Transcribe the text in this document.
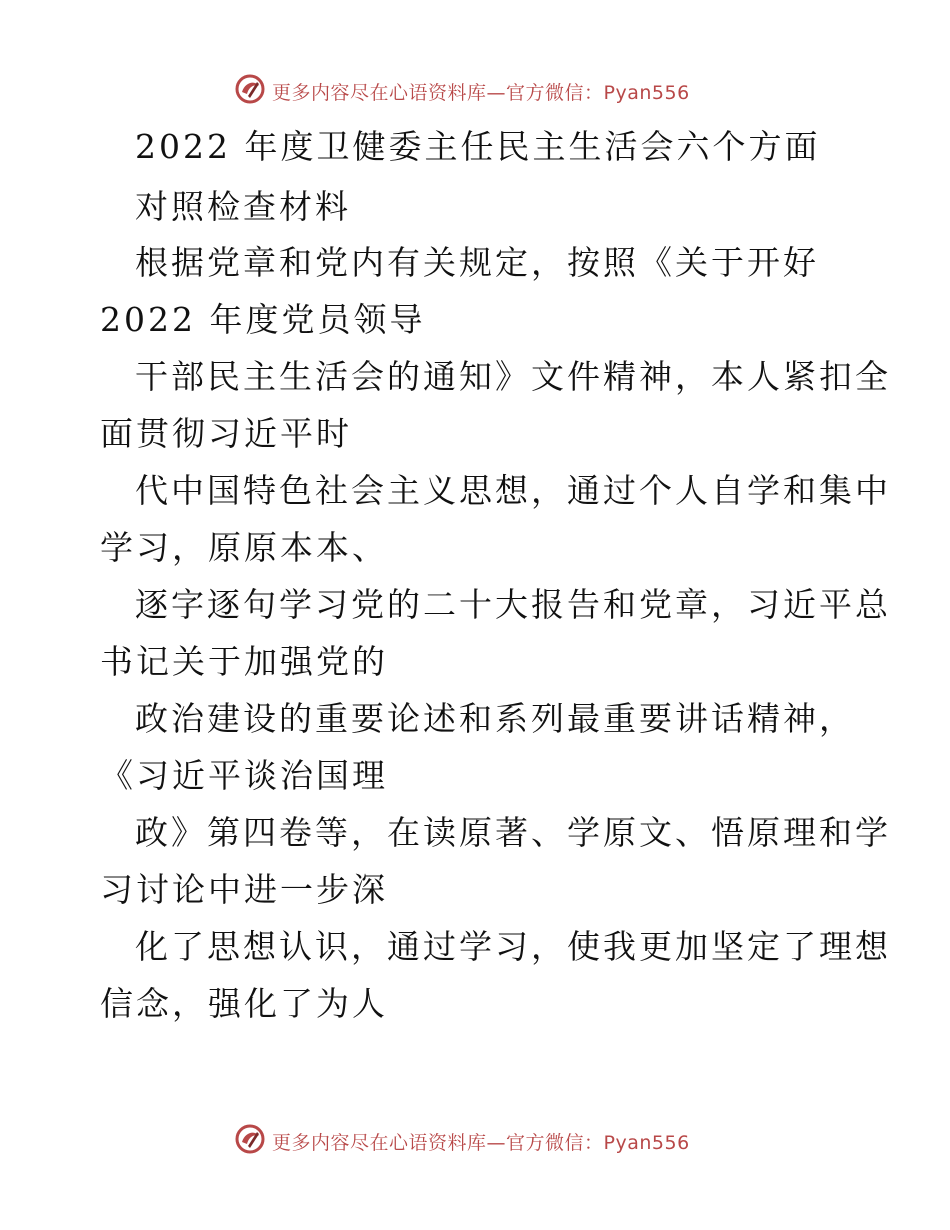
更多内容尽在心语资料库—官方微信：Pyan556
2022 年度卫健委主任民主生活会六个方面
对照检查材料
根据党章和党内有关规定，按照《关于开好
2022 年度党员领导
干部民主生活会的通知》文件精神，本人紧扣全
面贯彻习近平时
代中国特色社会主义思想，通过个人自学和集中
学习，原原本本、
逐字逐句学习党的二十大报告和党章，习近平总
书记关于加强党的
政治建设的重要论述和系列最重要讲话精神，
《习近平谈治国理
政》第四卷等，在读原著、学原文、悟原理和学
习讨论中进一步深
化了思想认识，通过学习，使我更加坚定了理想
信念，强化了为人
更多内容尽在心语资料库—官方微信：Pyan556
